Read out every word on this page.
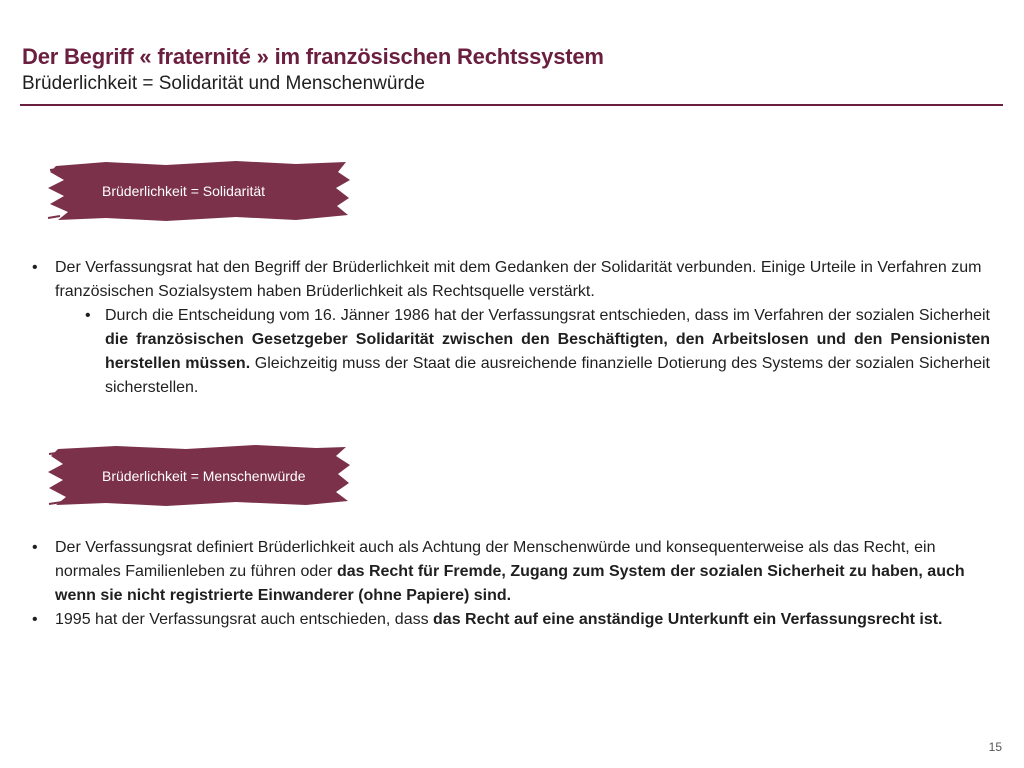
Der Begriff « fraternité » im französischen Rechtssystem
Brüderlichkeit = Solidarität und Menschenwürde
Brüderlichkeit = Solidarität

• Der Verfassungsrat hat den Begriff der Brüderlichkeit mit dem Gedanken der Solidarität verbunden. Einige Urteile in Verfahren zum französischen Sozialsystem haben Brüderlichkeit als Rechtsquelle verstärkt.

• Durch die Entscheidung vom 16. Jänner 1986 hat der Verfassungsrat entschieden, dass im Verfahren der sozialen Sicherheit die französischen Gesetzgeber Solidarität zwischen den Beschäftigten, den Arbeitslosen und den Pensionisten herstellen müssen. Gleichzeitig muss der Staat die ausreichende finanzielle Dotierung des Systems der sozialen Sicherheit sicherstellen.

Brüderlichkeit = Menschenwürde

• Der Verfassungsrat definiert Brüderlichkeit auch als Achtung der Menschenwürde und konsequenterweise als das Recht, ein normales Familienleben zu führen oder das Recht für Fremde, Zugang zum System der sozialen Sicherheit zu haben, auch wenn sie nicht registrierte Einwanderer (ohne Papiere) sind.

• 1995 hat der Verfassungsrat auch entschieden, dass das Recht auf eine anständige Unterkunft ein Verfassungsrecht ist.

15
